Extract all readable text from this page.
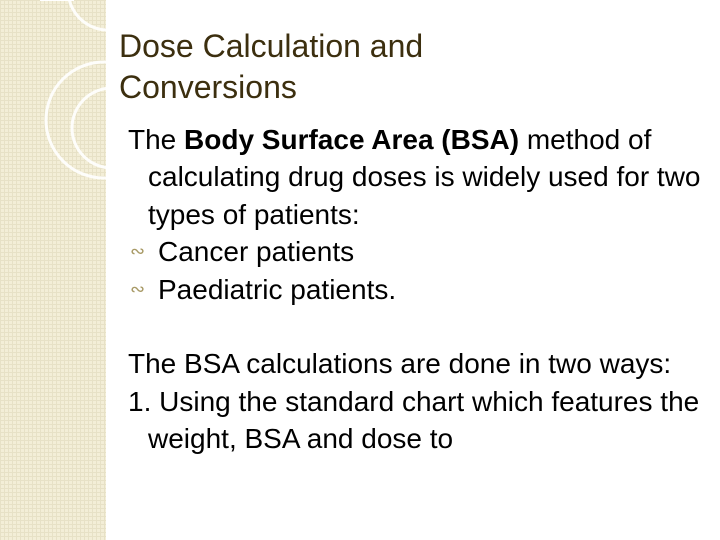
Dose Calculation and
Conversions

The Body Surface Area (BSA) method of calculating drug doses is widely used for two types of patients:

∾ Cancer patients
∾ Paediatric patients.

The BSA calculations are done in two ways:

1. Using the standard chart which features the weight, BSA and dose to
